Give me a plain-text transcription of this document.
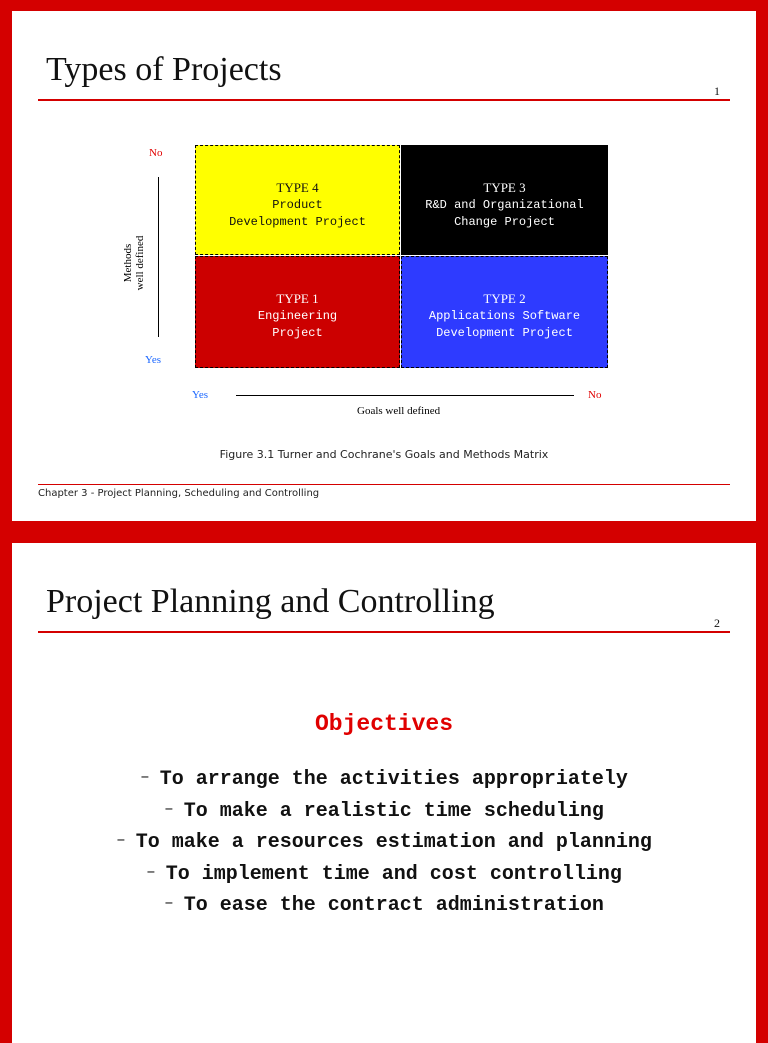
Types of Projects
1
No
Methods well defined
Yes
TYPE 4
Product
Development Project
TYPE 3
R&D and Organizational
Change Project
TYPE 1
Engineering
Project
TYPE 2
Applications Software
Development Project
Yes	No
Goals well defined
Figure 3.1 Turner and Cochrane's Goals and Methods Matrix
Chapter 3 - Project Planning, Scheduling and Controlling
Project Planning and Controlling
2
Objectives
– To arrange the activities appropriately
– To make a realistic time scheduling
– To make a resources estimation and planning
– To implement time and cost controlling
– To ease the contract administration
